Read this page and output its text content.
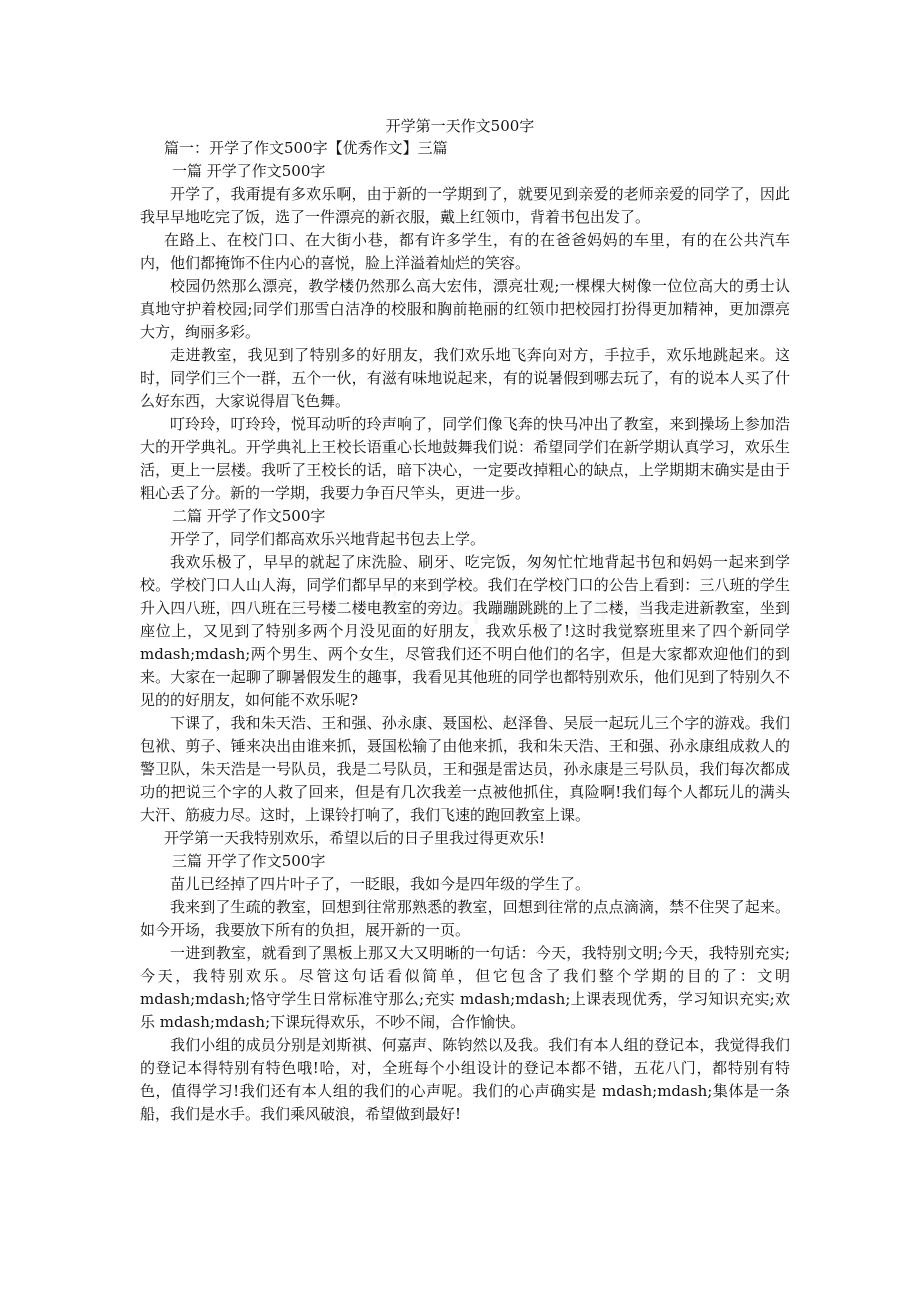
开学第一天作文500字

篇一：开学了作文500字【优秀作文】三篇

一篇 开学了作文500字

开学了，我甭提有多欢乐啊，由于新的一学期到了，就要见到亲爱的老师亲爱的同学了，因此我早早地吃完了饭，选了一件漂亮的新衣服，戴上红领巾，背着书包出发了。

在路上、在校门口、在大街小巷，都有许多学生，有的在爸爸妈妈的车里，有的在公共汽车内，他们都掩饰不住内心的喜悦，脸上洋溢着灿烂的笑容。

校园仍然那么漂亮，教学楼仍然那么高大宏伟，漂亮壮观;一棵棵大树像一位位高大的勇士认真地守护着校园;同学们那雪白洁净的校服和胸前艳丽的红领巾把校园打扮得更加精神，更加漂亮大方，绚丽多彩。

走进教室，我见到了特别多的好朋友，我们欢乐地飞奔向对方，手拉手，欢乐地跳起来。这时，同学们三个一群，五个一伙，有滋有味地说起来，有的说暑假到哪去玩了，有的说本人买了什么好东西，大家说得眉飞色舞。

叮玲玲，叮玲玲，悦耳动听的玲声响了，同学们像飞奔的快马冲出了教室，来到操场上参加浩大的开学典礼。开学典礼上王校长语重心长地鼓舞我们说：希望同学们在新学期认真学习，欢乐生活，更上一层楼。我听了王校长的话，暗下决心，一定要改掉粗心的缺点，上学期期末确实是由于粗心丢了分。新的一学期，我要力争百尺竿头，更进一步。

二篇 开学了作文500字

开学了，同学们都高欢乐兴地背起书包去上学。

我欢乐极了，早早的就起了床洗脸、刷牙、吃完饭，匆匆忙忙地背起书包和妈妈一起来到学校。学校门口人山人海，同学们都早早的来到学校。我们在学校门口的公告上看到：三八班的学生升入四八班，四八班在三号楼二楼电教室的旁边。我蹦蹦跳跳的上了二楼，当我走进新教室，坐到座位上，又见到了特别多两个月没见面的好朋友，我欢乐极了!这时我觉察班里来了四个新同学 mdash;mdash;两个男生、两个女生，尽管我们还不明白他们的名字，但是大家都欢迎他们的到来。大家在一起聊了聊暑假发生的趣事，我看见其他班的同学也都特别欢乐，他们见到了特别久不见的的好朋友，如何能不欢乐呢?

下课了，我和朱天浩、王和强、孙永康、聂国松、赵泽鲁、吴辰一起玩儿三个字的游戏。我们包袱、剪子、锤来决出由谁来抓，聂国松输了由他来抓，我和朱天浩、王和强、孙永康组成救人的警卫队，朱天浩是一号队员，我是二号队员，王和强是雷达员，孙永康是三号队员，我们每次都成功的把说三个字的人救了回来，但是有几次我差一点被他抓住，真险啊!我们每个人都玩儿的满头大汗、筋疲力尽。这时，上课铃打响了，我们飞速的跑回教室上课。

开学第一天我特别欢乐，希望以后的日子里我过得更欢乐!

三篇 开学了作文500字

苗儿已经掉了四片叶子了，一眨眼，我如今是四年级的学生了。

我来到了生疏的教室，回想到往常那熟悉的教室，回想到往常的点点滴滴，禁不住哭了起来。如今开场，我要放下所有的负担，展开新的一页。

一进到教室，就看到了黑板上那又大又明晰的一句话：今天，我特别文明;今天，我特别充实;今天，我特别欢乐。尽管这句话看似简单，但它包含了我们整个学期的目的了：文明 mdash;mdash;恪守学生日常标准守那么;充实 mdash;mdash;上课表现优秀，学习知识充实;欢乐 mdash;mdash;下课玩得欢乐，不吵不闹，合作愉快。

我们小组的成员分别是刘斯祺、何嘉声、陈钧然以及我。我们有本人组的登记本，我觉得我们的登记本得特别有特色哦!哈，对，全班每个小组设计的登记本都不错，五花八门，都特别有特色，值得学习!我们还有本人组的我们的心声呢。我们的心声确实是 mdash;mdash;集体是一条船，我们是水手。我们乘风破浪，希望做到最好!
